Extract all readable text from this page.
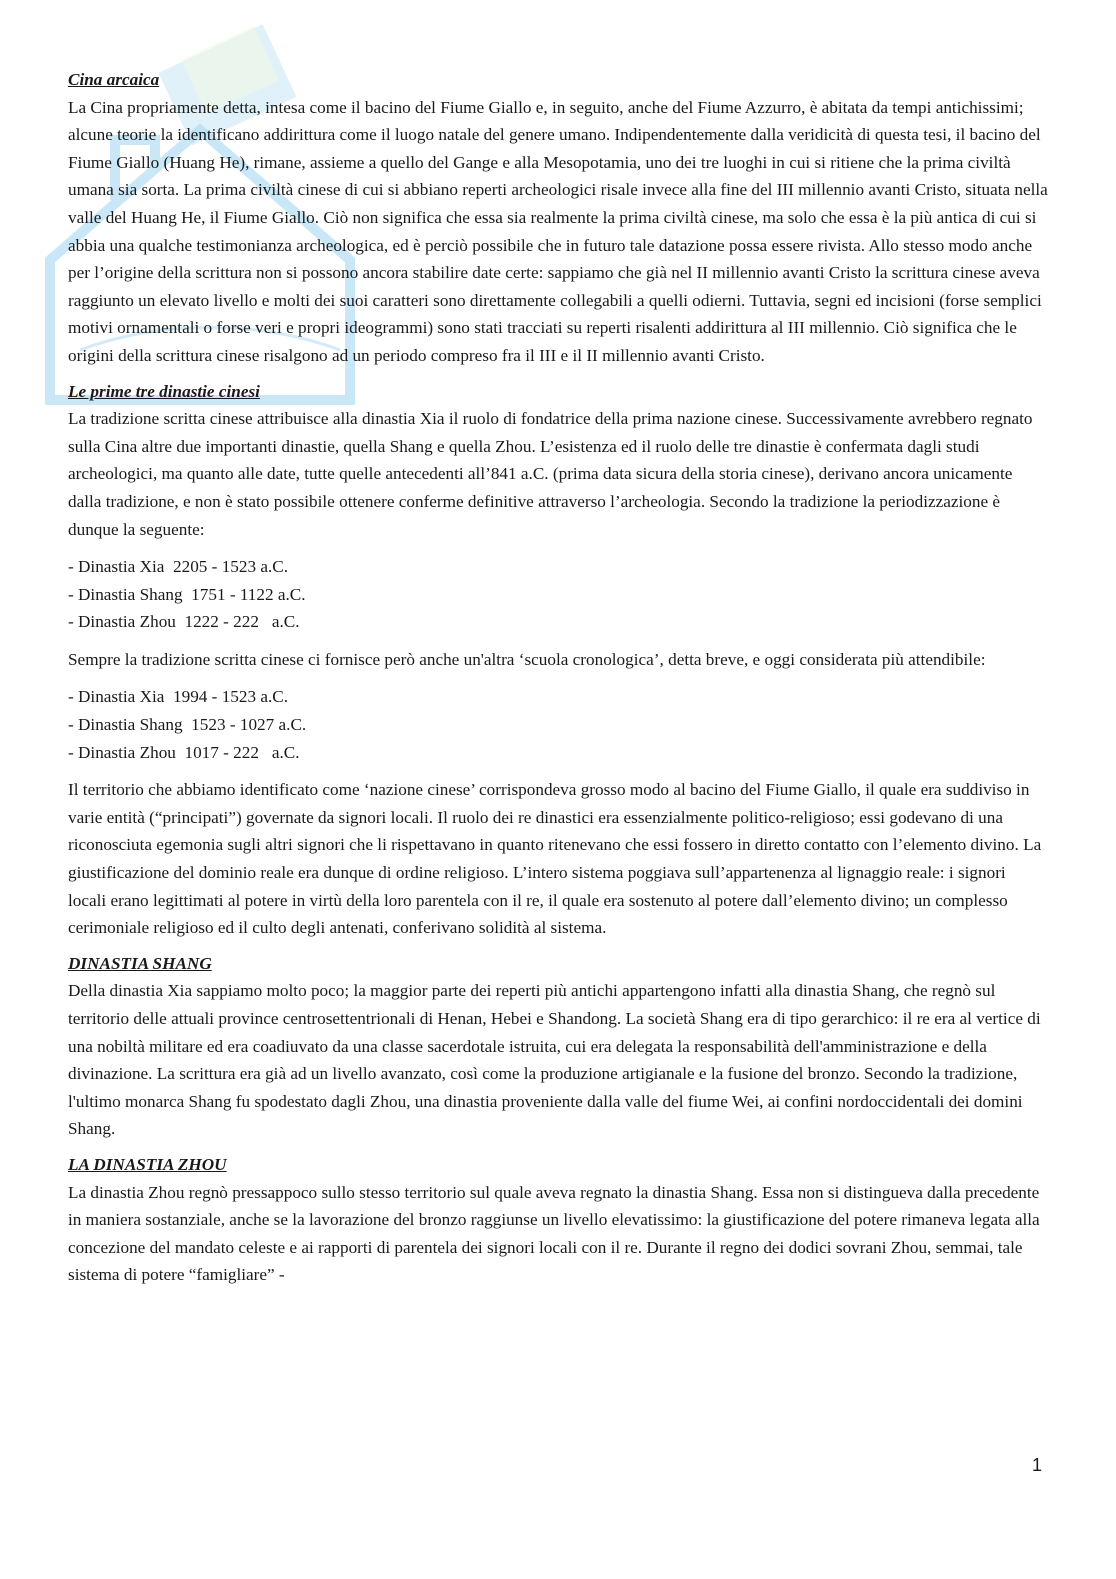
Cina arcaica

La Cina propriamente detta, intesa come il bacino del Fiume Giallo e, in seguito, anche del Fiume Azzurro, è abitata da tempi antichissimi; alcune teorie la identificano addirittura come il luogo natale del genere umano. Indipendentemente dalla veridicità di questa tesi, il bacino del Fiume Giallo (Huang He), rimane, assieme a quello del Gange e alla Mesopotamia, uno dei tre luoghi in cui si ritiene che la prima civiltà umana sia sorta. La prima civiltà cinese di cui si abbiano reperti archeologici risale invece alla fine del III millennio avanti Cristo, situata nella valle del Huang He, il Fiume Giallo. Ciò non significa che essa sia realmente la prima civiltà cinese, ma solo che essa è la più antica di cui si abbia una qualche testimonianza archeologica, ed è perciò possibile che in futuro tale datazione possa essere rivista. Allo stesso modo anche per l’origine della scrittura non si possono ancora stabilire date certe: sappiamo che già nel II millennio avanti Cristo la scrittura cinese aveva raggiunto un elevato livello e molti dei suoi caratteri sono direttamente collegabili a quelli odierni. Tuttavia, segni ed incisioni (forse semplici motivi ornamentali o forse veri e propri ideogrammi) sono stati tracciati su reperti risalenti addirittura al III millennio. Ciò significa che le origini della scrittura cinese risalgono ad un periodo compreso fra il III e il II millennio avanti Cristo.

Le prime tre dinastie cinesi

La tradizione scritta cinese attribuisce alla dinastia Xia il ruolo di fondatrice della prima nazione cinese. Successivamente avrebbero regnato sulla Cina altre due importanti dinastie, quella Shang e quella Zhou. L’esistenza ed il ruolo delle tre dinastie è confermata dagli studi archeologici, ma quanto alle date, tutte quelle antecedenti all’841 a.C. (prima data sicura della storia cinese), derivano ancora unicamente dalla tradizione, e non è stato possibile ottenere conferme definitive attraverso l’archeologia. Secondo la tradizione la periodizzazione è dunque la seguente:

- Dinastia Xia  2205 - 1523 a.C.
- Dinastia Shang  1751 - 1122 a.C.
- Dinastia Zhou  1222 - 222   a.C.

Sempre la tradizione scritta cinese ci fornisce però anche un'altra ‘scuola cronologica’, detta breve, e oggi considerata più attendibile:

- Dinastia Xia  1994 - 1523 a.C.
- Dinastia Shang  1523 - 1027 a.C.
- Dinastia Zhou  1017 - 222   a.C.

Il territorio che abbiamo identificato come ‘nazione cinese’ corrispondeva grosso modo al bacino del Fiume Giallo, il quale era suddiviso in varie entità (“principati”) governate da signori locali. Il ruolo dei re dinastici era essenzialmente politico-religioso; essi godevano di una riconosciuta egemonia sugli altri signori che li rispettavano in quanto ritenevano che essi fossero in diretto contatto con l’elemento divino. La giustificazione del dominio reale era dunque di ordine religioso. L’intero sistema poggiava sull’appartenenza al lignaggio reale: i signori locali erano legittimati al potere in virtù della loro parentela con il re, il quale era sostenuto al potere dall’elemento divino; un complesso cerimoniale religioso ed il culto degli antenati, conferivano solidità al sistema.

DINASTIA SHANG

Della dinastia Xia sappiamo molto poco; la maggior parte dei reperti più antichi appartengono infatti alla dinastia Shang, che regnò sul territorio delle attuali province centrosettentrionali di Henan, Hebei e Shandong. La società Shang era di tipo gerarchico: il re era al vertice di una nobiltà militare ed era coadiuvato da una classe sacerdotale istruita, cui era delegata la responsabilità dell'amministrazione e della divinazione. La scrittura era già ad un livello avanzato, così come la produzione artigianale e la fusione del bronzo. Secondo la tradizione, l'ultimo monarca Shang fu spodestato dagli Zhou, una dinastia proveniente dalla valle del fiume Wei, ai confini nordoccidentali dei domini Shang.

LA DINASTIA ZHOU

La dinastia Zhou regnò pressappoco sullo stesso territorio sul quale aveva regnato la dinastia Shang. Essa non si distingueva dalla precedente in maniera sostanziale, anche se la lavorazione del bronzo raggiunse un livello elevatissimo: la giustificazione del potere rimaneva legata alla concezione del mandato celeste e ai rapporti di parentela dei signori locali con il re. Durante il regno dei dodici sovrani Zhou, semmai, tale sistema di potere “famigliare” -

1
